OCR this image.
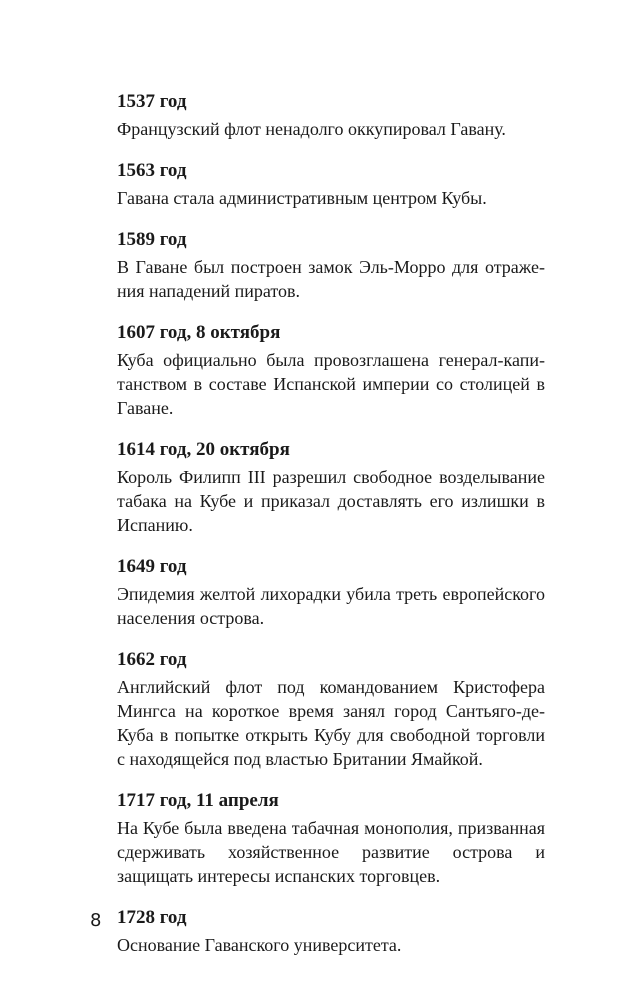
1537 год

Французский флот ненадолго оккупировал Гавану.

1563 год

Гавана стала административным центром Кубы.

1589 год

В Гаване был построен замок Эль-Морро для отражения нападений пиратов.

1607 год, 8 октября

Куба официально была провозглашена генерал-капитанством в составе Испанской империи со столицей в Гаване.

1614 год, 20 октября

Король Филипп III разрешил свободное возделывание табака на Кубе и приказал доставлять его излишки в Испанию.

1649 год

Эпидемия желтой лихорадки убила треть европейского населения острова.

1662 год

Английский флот под командованием Кристофера Мингса на короткое время занял город Сантьяго-де-Куба в попытке открыть Кубу для свободной торговли с находящейся под властью Британии Ямайкой.

1717 год, 11 апреля

На Кубе была введена табачная монополия, призванная сдерживать хозяйственное развитие острова и защищать интересы испанских торговцев.

1728 год

Основание Гаванского университета.

8
